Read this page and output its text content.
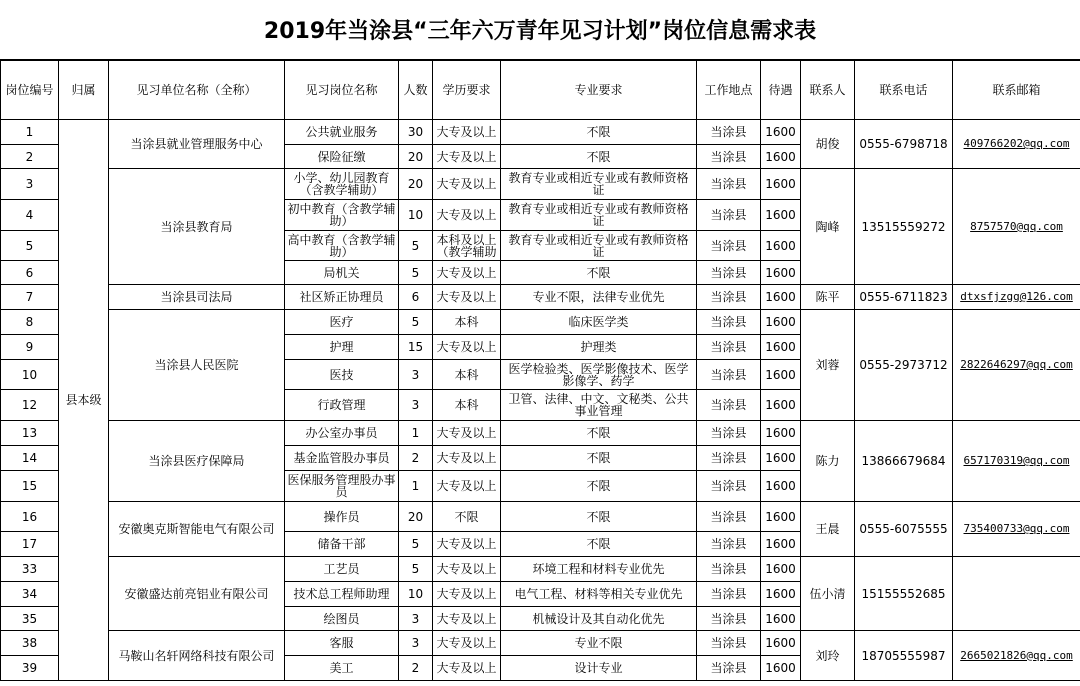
2019年当涂县“三年六万青年见习计划”岗位信息需求表
岗位编号	归属	见习单位名称（全称）	见习岗位名称	人数	学历要求	专业要求	工作地点	待遇	联系人	联系电话	联系邮箱
1	县本级	当涂县就业管理服务中心	公共就业服务	30	大专及以上	不限	当涂县	1600	胡俊	0555-6798718	409766202@qq.com
2			保险征缴	20	大专及以上	不限	当涂县	1600			
3		当涂县教育局	小学、幼儿园教育（含教学辅助）	20	大专及以上	教育专业或相近专业或有教师资格证	当涂县	1600	陶峰	13515559272	8757570@qq.com
4			初中教育（含教学辅助）	10	大专及以上	教育专业或相近专业或有教师资格证	当涂县	1600			
5			高中教育（含教学辅助）	5	本科及以上（教学辅助	教育专业或相近专业或有教师资格证	当涂县	1600			
6			局机关	5	大专及以上	不限	当涂县	1600			
7		当涂县司法局	社区矫正协理员	6	大专及以上	专业不限，法律专业优先	当涂县	1600	陈平	0555-6711823	dtxsfjzgg@126.com
8		当涂县人民医院	医疗	5	本科	临床医学类	当涂县	1600	刘蓉	0555-2973712	2822646297@qq.com
9			护理	15	大专及以上	护理类	当涂县	1600			
10			医技	3	本科	医学检验类、医学影像技术、医学影像学、药学	当涂县	1600			
12			行政管理	3	本科	卫管、法律、中文、文秘类、公共事业管理	当涂县	1600			
13		当涂县医疗保障局	办公室办事员	1	大专及以上	不限	当涂县	1600	陈力	13866679684	657170319@qq.com
14			基金监管股办事员	2	大专及以上	不限	当涂县	1600			
15			医保服务管理股办事员	1	大专及以上	不限	当涂县	1600			
16		安徽奥克斯智能电气有限公司	操作员	20	不限	不限	当涂县	1600	王晨	0555-6075555	735400733@qq.com
17			储备干部	5	大专及以上	不限	当涂县	1600			
33		安徽盛达前亮铝业有限公司	工艺员	5	大专及以上	环境工程和材料专业优先	当涂县	1600	伍小清	15155552685	
34			技术总工程师助理	10	大专及以上	电气工程、材料等相关专业优先	当涂县	1600			
35			绘图员	3	大专及以上	机械设计及其自动化优先	当涂县	1600			
38		马鞍山名轩网络科技有限公司	客服	3	大专及以上	专业不限	当涂县	1600	刘玲	18705555987	2665021826@qq.com
39			美工	2	大专及以上	设计专业	当涂县	1600			
